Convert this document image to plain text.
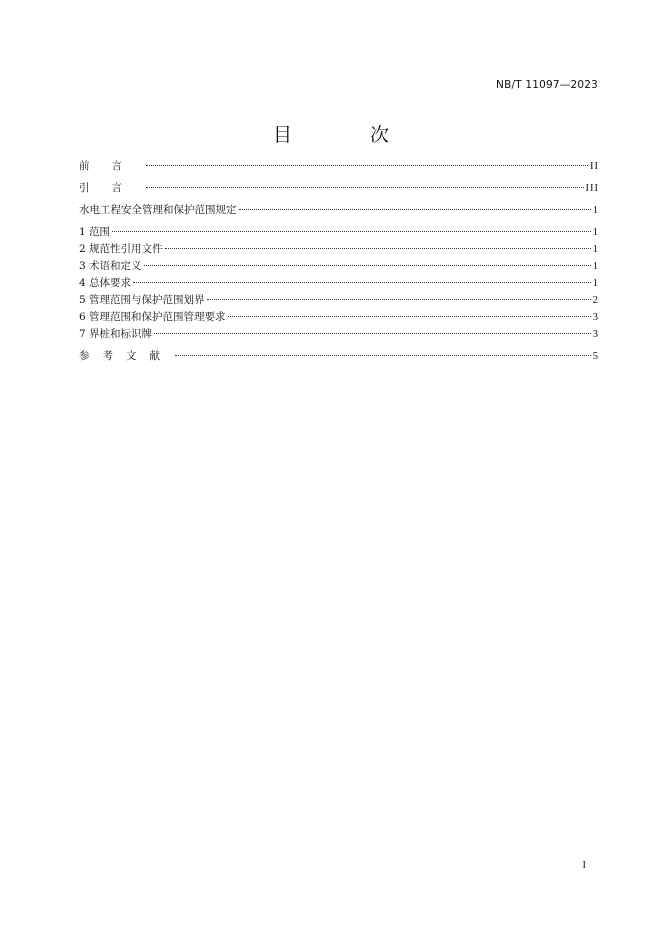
NB/T 11097—2023
目 次
前言	II
引言	III
水电工程安全管理和保护范围规定	1
1 范围	1
2 规范性引用文件	1
3 术语和定义	1
4 总体要求	1
5 管理范围与保护范围划界	2
6 管理范围和保护范围管理要求	3
7 界桩和标识牌	3
参考文献	5
I
